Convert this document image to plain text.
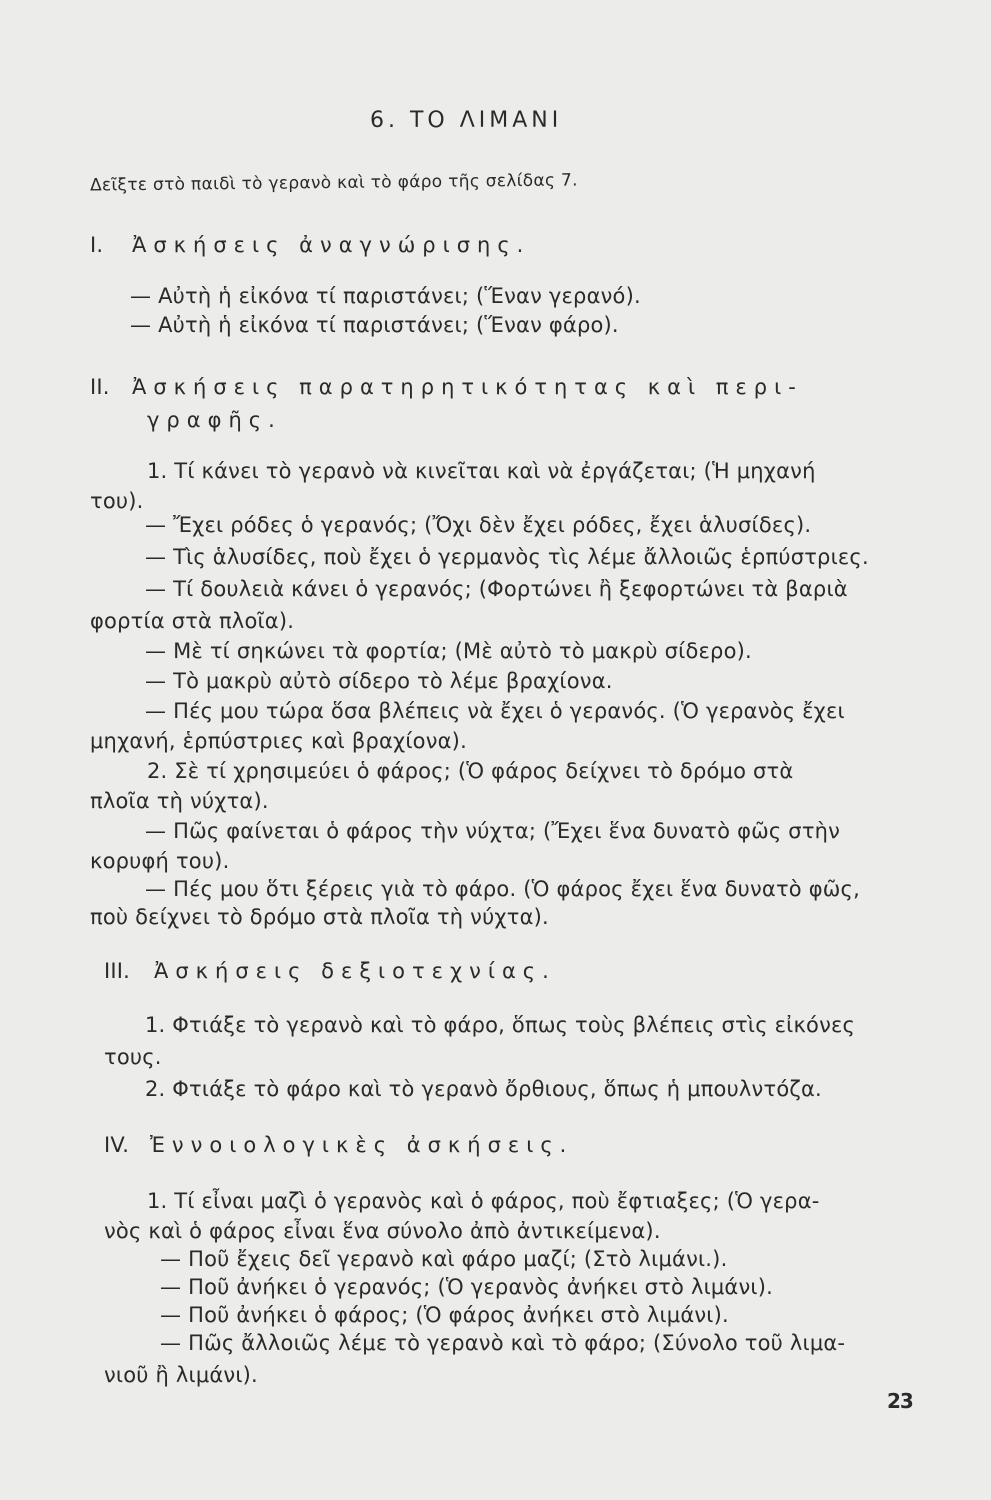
6. ΤΟ ΛΙΜΑΝΙ

Δεῖξτε στὸ παιδὶ τὸ γερανὸ καὶ τὸ φάρο τῆς σελίδας 7.

I. Ἀσκήσεις ἀναγνώρισης.

— Αὐτὴ ἡ εἰκόνα τί παριστάνει; (Ἕναν γερανό).

— Αὐτὴ ἡ εἰκόνα τί παριστάνει; (Ἕναν φάρο).

II. Ἀσκήσεις παρατηρητικότητας καὶ περι-

γραφῆς.

1. Τί κάνει τὸ γερανὸ νὰ κινεῖται καὶ νὰ ἐργάζεται; (Ἡ μηχανή

του).

— Ἔχει ρόδες ὁ γερανός; (Ὄχι δὲν ἔχει ρόδες, ἔχει ἁλυσίδες).

— Τὶς ἁλυσίδες, ποὺ ἔχει ὁ γερμανὸς τὶς λέμε ἄλλοιῶς ἑρπύστριες.

— Τί δουλειὰ κάνει ὁ γερανός; (Φορτώνει ἢ ξεφορτώνει τὰ βαριὰ

φορτία στὰ πλοῖα).

— Μὲ τί σηκώνει τὰ φορτία; (Μὲ αὐτὸ τὸ μακρὺ σίδερο).

— Τὸ μακρὺ αὐτὸ σίδερο τὸ λέμε βραχίονα.

— Πές μου τώρα ὅσα βλέπεις νὰ ἔχει ὁ γερανός. (Ὁ γερανὸς ἔχει

μηχανή, ἑρπύστριες καὶ βραχίονα).

2. Σὲ τί χρησιμεύει ὁ φάρος; (Ὁ φάρος δείχνει τὸ δρόμο στὰ

πλοῖα τὴ νύχτα).

— Πῶς φαίνεται ὁ φάρος τὴν νύχτα; (Ἔχει ἕνα δυνατὸ φῶς στὴν

κορυφή του).

— Πές μου ὅτι ξέρεις γιὰ τὸ φάρο. (Ὁ φάρος ἔχει ἕνα δυνατὸ φῶς,

ποὺ δείχνει τὸ δρόμο στὰ πλοῖα τὴ νύχτα).

III. Ἀσκήσεις δεξιοτεχνίας.

1. Φτιάξε τὸ γερανὸ καὶ τὸ φάρο, ὅπως τοὺς βλέπεις στὶς εἰκόνες

τους.

2. Φτιάξε τὸ φάρο καὶ τὸ γερανὸ ὄρθιους, ὅπως ἡ μπουλντόζα.

IV. Ἐννοιολογικὲς ἀσκήσεις.

1. Τί εἶναι μαζὶ ὁ γερανὸς καὶ ὁ φάρος, ποὺ ἔφτιαξες; (Ὁ γερα-

νὸς καὶ ὁ φάρος εἶναι ἕνα σύνολο ἀπὸ ἀντικείμενα).

— Ποῦ ἔχεις δεῖ γερανὸ καὶ φάρο μαζί; (Στὸ λιμάνι.).

— Ποῦ ἀνήκει ὁ γερανός; (Ὁ γερανὸς ἀνήκει στὸ λιμάνι).

— Ποῦ ἀνήκει ὁ φάρος; (Ὁ φάρος ἀνήκει στὸ λιμάνι).

— Πῶς ἄλλοιῶς λέμε τὸ γερανὸ καὶ τὸ φάρο; (Σύνολο τοῦ λιμα-

νιοῦ ἢ λιμάνι).

23
